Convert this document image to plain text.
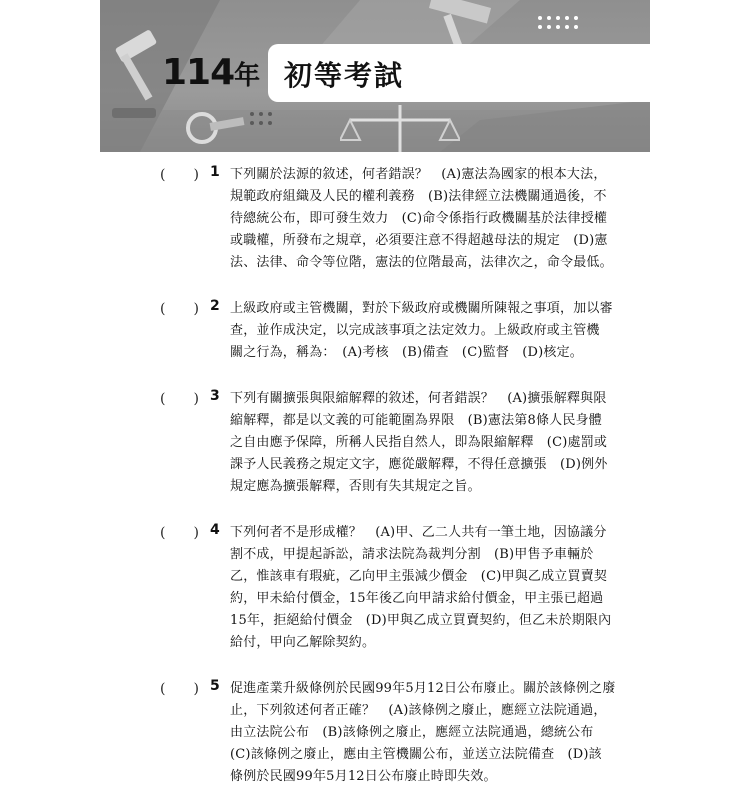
114年 初等考試
(　　) 1 下列關於法源的敘述，何者錯誤？　(A)憲法為國家的根本大法，
規範政府組織及人民的權利義務　(B)法律經立法機關通過後，不
待總統公布，即可發生效力　(C)命令係指行政機關基於法律授權
或職權，所發布之規章，必須要注意不得超越母法的規定　(D)憲
法、法律、命令等位階，憲法的位階最高，法律次之，命令最低。
(　　) 2 上級政府或主管機關，對於下級政府或機關所陳報之事項，加以審
查，並作成決定，以完成該事項之法定效力。上級政府或主管機
關之行為，稱為：　(A)考核　(B)備查　(C)監督　(D)核定。
(　　) 3 下列有關擴張與限縮解釋的敘述，何者錯誤？　(A)擴張解釋與限
縮解釋，都是以文義的可能範圍為界限　(B)憲法第8條人民身體
之自由應予保障，所稱人民指自然人，即為限縮解釋　(C)處罰或
課予人民義務之規定文字，應從嚴解釋，不得任意擴張　(D)例外
規定應為擴張解釋，否則有失其規定之旨。
(　　) 4 下列何者不是形成權？　(A)甲、乙二人共有一筆土地，因協議分
割不成，甲提起訴訟，請求法院為裁判分割　(B)甲售予車輛於
乙，惟該車有瑕疵，乙向甲主張減少價金　(C)甲與乙成立買賣契
約，甲未給付價金，15年後乙向甲請求給付價金，甲主張已超過
15年，拒絕給付價金　(D)甲與乙成立買賣契約，但乙未於期限內
給付，甲向乙解除契約。
(　　) 5 促進產業升級條例於民國99年5月12日公布廢止。關於該條例之廢
止，下列敘述何者正確？　(A)該條例之廢止，應經立法院通過，
由立法院公布　(B)該條例之廢止，應經立法院通過，總統公布
(C)該條例之廢止，應由主管機關公布，並送立法院備查　(D)該
條例於民國99年5月12日公布廢止時即失效。
